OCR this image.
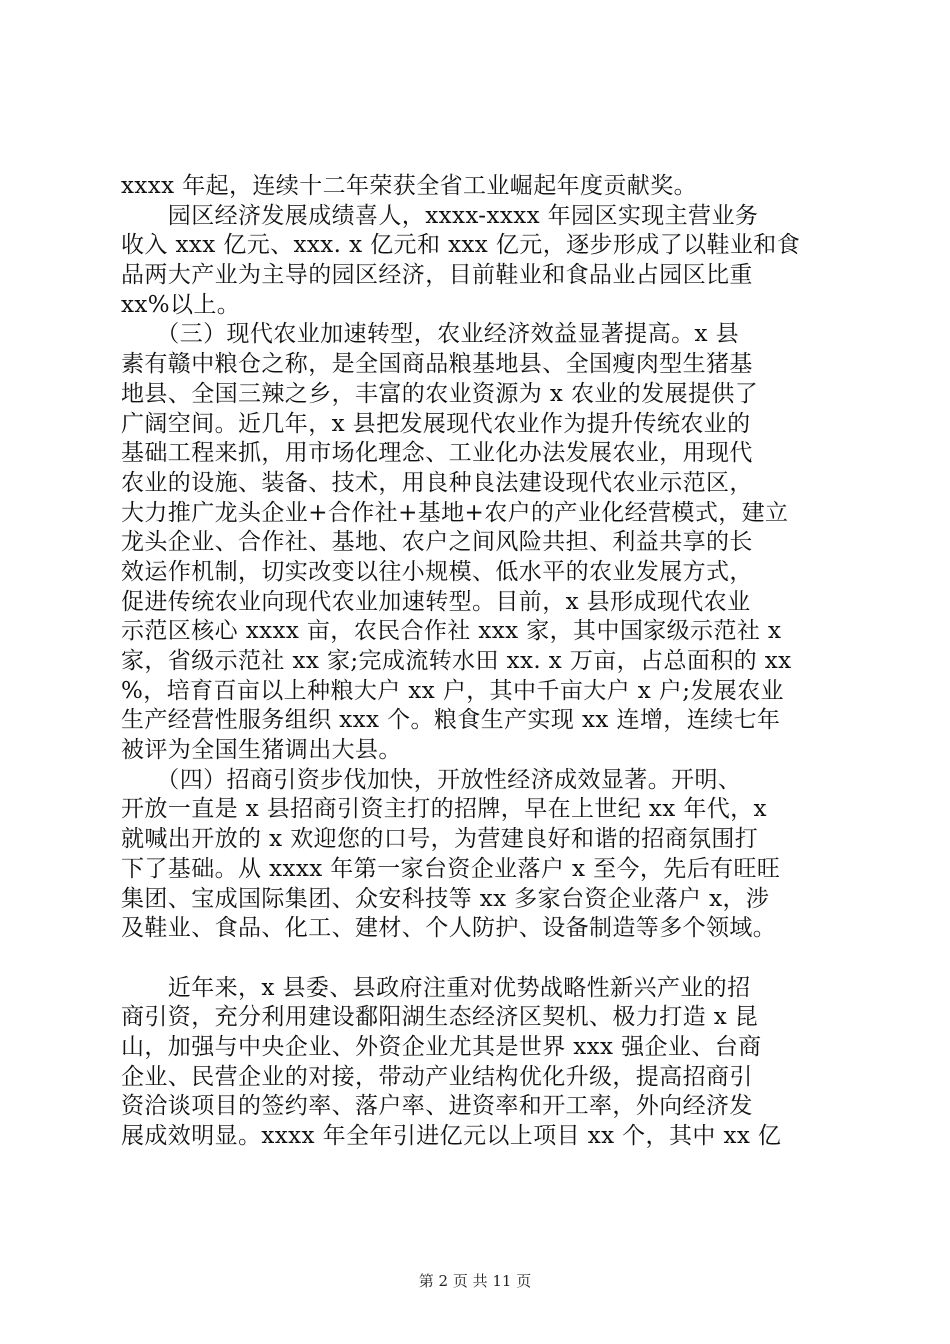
xxxx 年起，连续十二年荣获全省工业崛起年度贡献奖。
　　园区经济发展成绩喜人，xxxx-xxxx 年园区实现主营业务
收入 xxx 亿元、xxx. x 亿元和 xxx 亿元，逐步形成了以鞋业和食
品两大产业为主导的园区经济，目前鞋业和食品业占园区比重
xx%以上。
　　（三）现代农业加速转型，农业经济效益显著提高。x 县
素有赣中粮仓之称，是全国商品粮基地县、全国瘦肉型生猪基
地县、全国三辣之乡，丰富的农业资源为 x 农业的发展提供了
广阔空间。近几年，x 县把发展现代农业作为提升传统农业的
基础工程来抓，用市场化理念、工业化办法发展农业，用现代
农业的设施、装备、技术，用良种良法建设现代农业示范区，
大力推广龙头企业+合作社+基地+农户的产业化经营模式，建立
龙头企业、合作社、基地、农户之间风险共担、利益共享的长
效运作机制，切实改变以往小规模、低水平的农业发展方式，
促进传统农业向现代农业加速转型。目前，x 县形成现代农业
示范区核心 xxxx 亩，农民合作社 xxx 家，其中国家级示范社 x
家，省级示范社 xx 家;完成流转水田 xx. x 万亩，占总面积的 xx
%，培育百亩以上种粮大户 xx 户，其中千亩大户 x 户;发展农业
生产经营性服务组织 xxx 个。粮食生产实现 xx 连增，连续七年
被评为全国生猪调出大县。
　　（四）招商引资步伐加快，开放性经济成效显著。开明、
开放一直是 x 县招商引资主打的招牌，早在上世纪 xx 年代，x
就喊出开放的 x 欢迎您的口号，为营建良好和谐的招商氛围打
下了基础。从 xxxx 年第一家台资企业落户 x 至今，先后有旺旺
集团、宝成国际集团、众安科技等 xx 多家台资企业落户 x，涉
及鞋业、食品、化工、建材、个人防护、设备制造等多个领域。
　　近年来，x 县委、县政府注重对优势战略性新兴产业的招
商引资，充分利用建设鄱阳湖生态经济区契机、极力打造 x 昆
山，加强与中央企业、外资企业尤其是世界 xxx 强企业、台商
企业、民营企业的对接，带动产业结构优化升级，提高招商引
资洽谈项目的签约率、落户率、进资率和开工率，外向经济发
展成效明显。xxxx 年全年引进亿元以上项目 xx 个，其中 xx 亿
第 2 页 共 11 页
